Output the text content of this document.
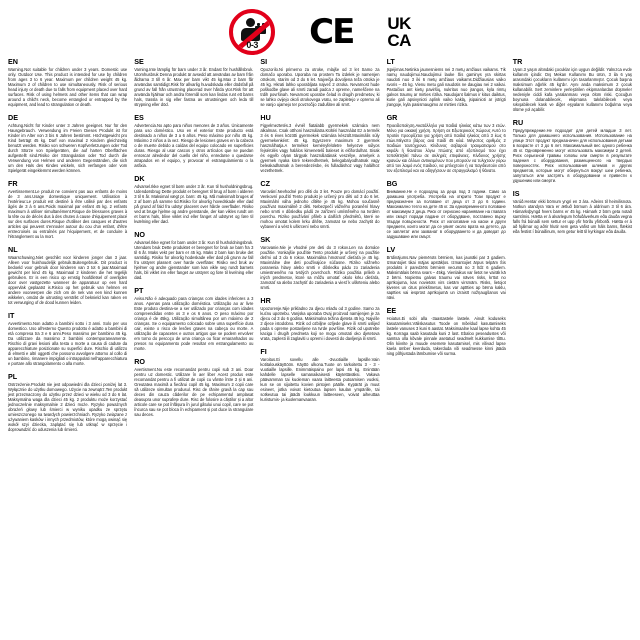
0-3	CE UK
CA
EN
Warning.Not suitable for children under 3 years. Domestic use only. Outdoor Use. This product is intended for use by children from ages 3 to 6 year. Maximum per children weight 45 kg. Maximum 2 of children to use simultaneously. Risk of serious head injury or death due to falls from equipment placed over hard surfaces. Risk of using helmets and other items that can wrap around a child's neck, become entangled or entrapped by the equipment, and lead to strangulation or death.
DE
Achtung.Nicht für Kinder unter 3 Jahren geeignet. Nur für den Hausgebrauch. Verwendung im Freien Dieses Produkt ist für Kinder im Alter von 3 bis 6 Jahren bestimmt. Höchstgewicht pro Kind beträgt 45 kg. Darf von maximal 2 Kindern gleichzeitig benutzt werden. Risiko von schweren Kopfverletzungen oder Tod durch Stürze von Spielgeräten, die auf harten Oberflächen aufgestellt sind.Risiko der Strangulation oder Tod durch die Verwendung von Helmen und anderen Gegenständen, die sich um den Hals des Kindes wickeln, sich verfangen oder vom Spielgerät eingeklemmt werden können.
FR
Avertissement.Le produit ne convient pas aux enfants de moins de 3 ans.Usage domestique uniquement. Utilisation à l'extérieur.Le produit est destiné à être utilisé par des enfants âgés de 3 à 6 ans.Poids maximal par enfant 45 kg. 2 enfants maximum à utiliser simultanément.Risque de blessures graves à la tête ou de décès dus à des chutes à cause d'équipement placé sur des surfaces dures.Risque d'utiliser des casques et d'autres articles qui peuvent s'enrouler autour du cou d'un enfant, d'être entrecroisés ou entraînés par l'équipement, et de conduire à l'étranglement ou la mort.
NL
Waarschuwing.Niet geschikt voor kinderen jonger dan 3 jaar. Alleen voor huishoudelijk gebruik.Buitengebruik. Dit product is bedoeld voor gebruik door kinderen van 3 tot 6 jaar.Maximaal gewicht per kind 45 kg. Maximaal 2 kinderen die het tegelijk gebruiken. Er is een risico op ernstig hoofdletsel of overlijden door over vastgezette wanneer de apparatuur op een hard oppervlak geplaatst is.Risico op het gebruik van helmen en andere voorwerpen die zich om de nek van een kind kunnen wikkelen, omdat de uitrusting verstrikt of beknield kan raken en tot verwurging of de dood kunnen leiden.
IT
Avvertimento.Non adatto a bambini sotto i 3 anni. Solo per uso domestico. Uso all'esterno Questo prodotto è adatto a bambini di età compresa tra 3 e 6 anni.Peso massimo per bambino 45 kg. Da utilizzare da massimo 2 bambini contemporaneamente. Rischio di gravi lesioni alla testa o morte a causa di cadute da apparecchiature posizionate su superfici dure. Rischio di utilizzo di elmetti e altri oggetti che possono avvolgere attorno al collo di un bambino, rimanere impigliati o intrappolati nell'apparecchiatura e portare allo strangolamento o alla morte.
PL
Ostrzeżenie.Produkt nie jest odpowiedni dla dzieci poniżej lat 3. Wyłącznie do użytku domowego. Użycie na zewnątrz.Ten produkt jest przeznaczony do użytku przez dzieci w wieku od 3 do 6 lat. Maksymalna waga dla dzieci 45 kg. 2 produktu może korzystać jednocześnie maksymalnie 2 dzieci może. Ryzyko poważnych obrażeń głowy lub śmierci w wyniku upadku ze sprzętu umieszczonego na twardych powierzchniach. Ryzyko związane z używaniem kasków i innych przedmiotów, które mogą owinąć się wokół szyi dziecka, zaplątać się lub utknąć w sprzęcie i doprowadzić do uduszenia lub śmierci.
SE
Varning.Inte lämplig för barn under 3 år. Endast för hushållsbruk. Utomhusbruk Denna produkt är avsedd att användas av barn från åldrarna 3 till 6 år. Max per barn vikt 45 kg.Max 2 barn får användas samtidigt.Risk för allvarlig huvudskada eller dödsfall på grund av fall från utrustning placerad över hårda ytor.Risk för att använda hjälmar och andra föremål som kan lindas runt ett barns hals, trassla in sig eller fastna av utrustningen och leda till strypning eller död.
ES
Advertencia.No apto para niños menores de 3 años. Únicamente para uso doméstico. Uso en el exterior Este producto está destinado a niños de 3 a 6 años. Peso máximo por niño 45 kg. Máximo 2 niños a la vez. Riesgo de lesiones graves en la cabeza o de muerte debido a caídas del equipo colocado en superficies duras. Riesgo al usar cascos y otros artículos que se puedan enroscar alrededor del cuello del niño, enredarse o quedarse atrapados en el equipo, y provocar el estrangulamiento o la asfixia.
DK
Advarsel.Ikke egnet til børn under 3 år. Kun til husholdningsbrug. Udendørsbrug Dette produkt er beregnet til brug af børn i alderen 3 til 6 år. Maksimal vægt pr. barn: 45 kg. Må maksimalt bruges af 2 af børn på samme tid.Risiko for alvorlig hovedskade eller død på grund af fald fra udstyr placeret over hårde overflader. Risiko ved at bruge hjelme og andre genstande, der kan vikles rundt om et barns hals, blive viklet ind eller fanget af udstyret og føre til kvælning eller død.
NO
Advarsel.Ikke egnet for barn under 3 år. Kun til husholdningsbruk. Utendørs bruk Dette produktet er beregnet for bruk av barn fra 3 til 6 år. Maks vekt per barn er 45 kg. Maks 2 barn kan bruke det samtidig. Risiko for alvorlig hodeskade eller død på grunn av fall fra utstyret plassert over harde overflater. Risiko ved bruk av hjelmer og andre gjenstander som kan vikle seg rundt barnets hals, bli viklet inn eller fanget av utstyret og føre til kvelning eller død.
PT
Aviso.Não é adequado para crianças com idades inferiores a 3 anos. Apenas para utilização doméstica. Utilização ao ar livre Este produto destina-se a ser utilizado por crianças com idades compreendidas entre os 3 e os 6 anos. O peso máximo por criança é de 45kg. Utilização simultânea por um máximo de 2 crianças. Se o equipamento colocado sobre uma superfície dura cair, existe o risco de lesões graves na cabeça ou morte. A utilização de capacetes e outros artigos que se podem envolver em torno do pescoço de uma criança ou ficar emaranhados ou presos no equipamento pode resultar em estrangulamento ou morte.
RO
Avertisment.Nu este recomandat pentru copii sub 3 ani. Doar pentru uz domestic. Utilizare în aer liber Acest produs este recomandat pentru a fi utilizat de copii cu vârste între 3 și 6 ani. Greutatea maximă a fiecărui copil 45 kg. Maximum 2 copii care să utilizeze simultan produsul. Risc de rănire gravă la cap sau deces din cauza căderilor de pe echipamentul amplasat deasupra unor suprafețe dure. Risc de folosire a căștilor și a altor articole care se pot înfășura în jurul gâtului unui copil, care se pot încurca sau se pot bloca în echipament și pot duce la strangulare sau deces.
SI
Opozorilo.Ni primerno za otroke, mlajše od 3 let Samo za domačo uporabo. Uporaba na prostem Ta izdelek je namenjen otrokom, starim od 3 do 6 let. Največja dovoljena teža otroka je 45 kg. Hkrati lahko uporabljata največ 2 otroka. Nevarnost hude poškodbe glave ali smrti zaradi padca z opreme, nameščene na trdih površinah. Nevarnost uporabe čelad in drugih predmetov, ki se lahko ovijejo okoli otrokovega vratu, se zapletejo v opremo ali se vanjo ujamejo ter povzročijo zadušitev ali smrt.
HU
Figyelmeztetés.3 évnél fiatalabb gyermekek számára nem alkalmas. Csak otthoni használatra.Kültéri használat Ez a termék 3 és 6 éves közötti gyermekek számára készült.Maximális súly gyermekenként: 45 kg. Egyszerre maximum 2 gyermek használhatja.A terméket keményfelületre helyezve súlyos fejsérülés vagy halálos kimenetelű baleset is előfordulhat. Sisak és egyéb olyan tárgyak használatának veszélye, amelyek a gyermek nyaka köré tekeredhetnek, belegabalyodhatnak vagy beleakadhatnak a berendezésbe, és fulladáshoz vagy halálhoz vezethetnek.
CZ
Varování.Nevhodné pro děti do 3 let. Pouze pro domácí použití. Venkovní použití Tento produkt je určený pro děti od 3 do 6 let. Maximální váha jednoho dítěte je 45 kg. Mohou současně používat maximálně 2 děti. Nebezpečí vážného poranění hlavy nebo smrti v důsledku pádů ze zařízení umístěného na tvrdém povrchu. Riziko používání přileb a dalších předmětů, které se mohou omotat kolem krku dítěte, zamotat se nebo zachytit do vybavení a vést k uškrcení nebo smrti.
SK
Varovanie.Nie je vhodné pre deti do 3 rokov.Len na domáce použitie. Vonkajšie použitie Tento produkt je určený na použitie deťmi od 3 do 6 rokov. Maximálna hmotnosť dieťaťa je 45 kg. Maximálne dve deti používajúce súčasne. Riziko vážneho poranenia hlavy alebo smrti v dôsledku pádu zo zariadenia umiestneného na tvrdých povrchoch. Riziko použitia prilieb a iných predmetov, ktoré sa môžu omotať okolo krku dieťaťa, zamotať sa alebo zachytiť do zariadenia a viesť k uškrteniu alebo smrti.
HR
Upozorenje.Nije prikladno za djecu mlađu od 3 godine. Samo za kućnu upotrebu. Vanjska uporaba Ovaj proizvod namijenjen je za djecu od 3 do 6 godina. Maksimalna težina djeteta 45 kg. Najviše 2 djece istodobno. Rizik od ozbiljne ozljede glave ili smrti uslijed pada s opreme postavljene na tvrde površine. Rizik od upotrebe kaciga i drugih predmeta koji se mogu omotati oko djetetova vrata, zaplesti ili zaglaviti u opremi i dovesti do davljenja ili smrti.
FI
Varoitus.Ei sovellu alle -3vuotiaille lapsille.Vain kotitalouskäyttöön. Käyttö ulkona.Tuote on tarkoitettu 3 - 3 -vuotiaille lapsille. Enimmäispaino per lapsi 45 kg. Enintään kahdelle lapselle samanaikaisesti käytettäväksi. Vakava päävamman tai kuoleman vaara laitteesta putoamisen vuoksi, kun se on sijoitettu kovien pintojen päälle. Kypärät ja muut esineet, jotka voivat kietoutua lapsen kaulan ympärille, tai sotkeutua tai jäädä loukkuun laitteeseen, voivat aiheuttaa kuristumis- ja kuolemanvaaran.
LT
Įspėjimas.Netinka jaunesniems nei 3 metų amžiaus vaikams. Tik namų naudojimui.Naudojimui lauke Šis gaminys yra skirtas naudoti nuo 3 iki 6 metų amžiaus vaikams.Didžiausias vaiko svoris – 45 kg. Vienu metu gali naudotis ne daugiau nei 2 vaikai. Pastačius ant kietų paviršių, nukritus nuo įrangos, kyla rimtų galvos traumų ar mirties rizika. Naudojant šalmus ir kitus daiktus, kurie gali apsivynioti aplink vaiko kaklą, įsipainioti ar įstrigti įrangoje, kyla pasismaugimo ar mirties rizika.
GR
Προειδοποίηση.Ακατάλληλο για παιδιά ηλικίας κάτω των 3 ετών. Μόνο για οικιακή χρήση. Χρήση σε Εξωτερικούς Χώρους Αυτό το προϊόν προορίζεται για χρήση από παιδιά ηλικίας από 3 έως 6 ετών.Μέγιστο βάρος ανά παιδί 45 κιλά. Μέγιστος αριθμός 2 παιδιών ταυτόχρονα. Κίνδυνος σοβαρού τραυματισμού στο κεφάλι ή θανάτου λόγω πτώσης από εξοπλισμό που έχει τοποθετηθεί πάνω σε σκληρές επιφάνειες. Κίνδυνος χρήσης κρανών και άλλων αντικειμένων που μπορούν να τυλιχτούν γύρω από τον λαιμό ενός παιδιού, να μπλεχτούν ή να παγιδευτούν από τον εξοπλισμό και να οδηγήσουν σε στραγγαλισμό ή θάνατο.
BG
Внимание.Не е подходящ за деца под 3 години. Само за домашна употреба. Употреба на открито Този продукт е предназначен за ползване от деца от 3 до 6 години. Максимално тегло на дете 45 кг. За едновременното ползване от максимум 2 деца. Риск от сериозно нараняване на главата или смърт поради падане от оборудване, поставено върху твърди повърхности. Риск от използване на каски и други предмети, които могат да се увият около врата на детето, да се заплетат или захванат в оборудването и да доведат до задушаване или смърт.
LV
Brīdinājums.Nav piemērots bērniem, kas jaunāki par 3 gadiem. Izmantojiet tikai mājas apstākļos. Izmantojiet ārpus telpām Šis produkts ir paredzēts bērniem vecumā no 3 līdz 6 gadiem. Maksimālais bērna svars – 45kg. Vienlaikus var lietot ne vairāk kā 2 bērni. Nopietnu galvas traumu vai nāves risks, krītot no aprīkojuma, kas novietots virs cietām virsmām. Risks, lietojot ķiveres un citus priekšmetus, kas var aptīties ap bērna kaklu, sapīties vai iesprūst aprīkojumā un izraisīt nožņaugšanos vai nāvi.
EE
Hoiatus.Ei sobi alla -3aastastele lastele. Ainult koduseks kasutamiseks.Väliskasutus Toode on mõeldud kasutamiseks lastele vanuses 3 kuni 6 aastat. Maksimaalne kaal lapse kohta 45 kg. Korraga saab kasutada kuni 2 last. Ebaloo peseadustes või samtsa olla kõvale pinnale asetatud seadmelt kukkumise tõttu. Olin kiivrite ja muude esemete kasutamisel, mis võivad lapse kaela ümber keerduda, takerduda või seadmesse kinni jääda ning põhjustada lämbumise või surma.
TR
Uyarı.3 yaşın altındaki çocuklar için uygun değildir. Yalnızca evde kullanım içindir. Dış Mekan Kullanımı Bu ürün, 3 ila 6 yaş arasındaki çocukların kullanımı için tasarlanmıştır. Çocuk başına maksimum ağırlık 45 kg'dır. Aynı anda maksimum 2 çocuk kullanabilir. Sert zeminlere yerleştirilen ekipmanlardan düşmeler nedeniyle ciddi kafa yaralanması veya ölüm riski. Çocuğun boynuna dolanabilecek, ekipmana takılabilecek veya sıkışabilecek kask ve diğer eşyaların kullanımı boğulma veya ölüme yol açabilir.
RU
Предупреждение.Не подходит для детей младше 3 лет. Только для домашнего использования. Использование на улице Этот продукт предназначен для использования детьми в возрасте от 3 до 6 лет. Максимальный вес одного ребенка 45 кг. Одновременно могут использовать максимум 2 детей. Риск серьезной травмы головы или смерти в результате падения с оборудования, размещенного на твердых поверхностях. Риск использования шлемов и других предметов, которые могут обернуться вокруг шеи ребенка, запутаться или застрять в оборудовании и привести к удушению или смерти.
IS
Varúð.Hentar ekki börnum yngri en 3 ára. Aðeins til heimilisnota. Notkun utandyra Vara er ætluð börnum á aldrinum 3 til 6 ára. Hámarksþyngd hvers barns er 45 kg. Hámark 2 börn geta notað samtímis. Hætta er á alvarlegum höfuðáverkum eða dauða vegna falls frá búnaði sem settur er upp yfir hörðu yfirborði. Hætta er á að hjálmar og aðrir hlutir sem geta vafist um háls barns, flækist eða festist í búnaðinum, sem getur leitt til kyrkingar eða dauða.
